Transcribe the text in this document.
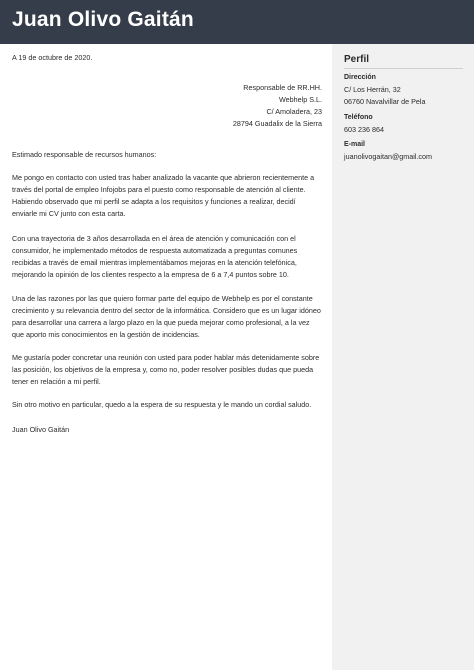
Juan Olivo Gaitán
A 19 de octubre de 2020.
Responsable de RR.HH.
Webhelp S.L.
C/ Amoladera, 23
28794 Guadalix de la Sierra
Estimado responsable de recursos humanos:
Me pongo en contacto con usted tras haber analizado la vacante que abrieron recientemente a través del portal de empleo Infojobs para el puesto como responsable de atención al cliente. Habiendo observado que mi perfil se adapta a los requisitos y funciones a realizar, decidí enviarle mi CV junto con esta carta.
Con una trayectoria de 3 años desarrollada en el área de atención y comunicación con el consumidor, he implementado métodos de respuesta automatizada a preguntas comunes recibidas a través de email mientras implementábamos mejoras en la atención telefónica, mejorando la opinión de los clientes respecto a la empresa de 6 a 7,4 puntos sobre 10.
Una de las razones por las que quiero formar parte del equipo de Webhelp es por el constante crecimiento y su relevancia dentro del sector de la informática. Considero que es un lugar idóneo para desarrollar una carrera a largo plazo en la que pueda mejorar como profesional, a la vez que aporto mis conocimientos en la gestión de incidencias.
Me gustaría poder concretar una reunión con usted para poder hablar más detenidamente sobre las posición, los objetivos de la empresa y, como no, poder resolver posibles dudas que pueda tener en relación a mi perfil.
Sin otro motivo en particular, quedo a la espera de su respuesta y le mando un cordial saludo.
Juan Olivo Gaitán
Perfil
Dirección
C/ Los Herrán, 32
06760 Navalvillar de Pela
Teléfono
603 236 864
E-mail
juanolivogaitan@gmail.com
